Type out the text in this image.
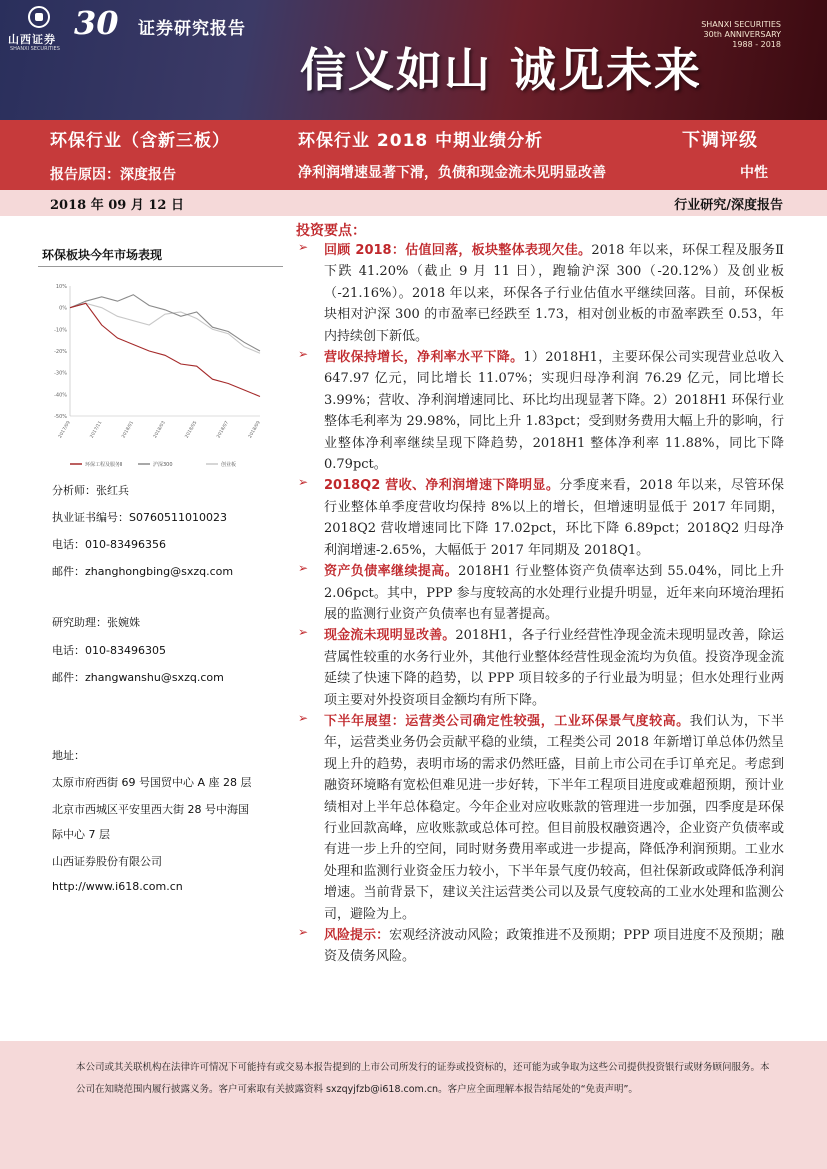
山西证券
SHANXI SECURITIES
30 证券研究报告	SHANXI SECURITIES
30th ANNIVERSARY
1988 - 2018
信义如山 诚见未来
环保行业（含新三板）	环保行业 2018 中期业绩分析	下调评级
报告原因：深度报告	净利润增速显著下滑，负债和现金流未见明显改善	中性
2018 年 09 月 12 日	行业研究/深度报告
环保板块今年市场表现
10%
0%
-10%
-20%
-30%
-40%
-50%
2017/09	2017/11	2018/01	2018/03	2018/05	2018/07	2018/09
环保工程及服务Ⅱ	沪深300	创业板
分析师：张红兵
执业证书编号：S0760511010023
电话：010-83496356
邮件：zhanghongbing@sxzq.com
研究助理：张婉姝
电话：010-83496305
邮件：zhangwanshu@sxzq.com
地址：
太原市府西街 69 号国贸中心 A 座 28 层
北京市西城区平安里西大街 28 号中海国
际中心 7 层
山西证券股份有限公司
http://www.i618.com.cn
投资要点：
➢ 回顾 2018：估值回落，板块整体表现欠佳。2018 年以来，环保工程及服务Ⅱ下跌 41.20%（截止 9 月 11 日），跑输沪深 300（-20.12%）及创业板（-21.16%）。2018 年以来，环保各子行业估值水平继续回落。目前，环保板块相对沪深 300 的市盈率已经跌至 1.73，相对创业板的市盈率跌至 0.53，年内持续创下新低。
➢ 营收保持增长，净利率水平下降。1）2018H1，主要环保公司实现营业总收入 647.97 亿元，同比增长 11.07%；实现归母净利润 76.29 亿元，同比增长 3.99%；营收、净利润增速同比、环比均出现显著下降。2）2018H1 环保行业整体毛利率为 29.98%，同比上升 1.83pct；受到财务费用大幅上升的影响，行业整体净利率继续呈现下降趋势，2018H1 整体净利率 11.88%，同比下降 0.79pct。
➢ 2018Q2 营收、净利润增速下降明显。分季度来看，2018 年以来，尽管环保行业整体单季度营收均保持 8%以上的增长，但增速明显低于 2017 年同期，2018Q2 营收增速同比下降 17.02pct，环比下降 6.89pct；2018Q2 归母净利润增速-2.65%，大幅低于 2017 年同期及 2018Q1。
➢ 资产负债率继续提高。2018H1 行业整体资产负债率达到 55.04%，同比上升 2.06pct。其中，PPP 参与度较高的水处理行业提升明显，近年来向环境治理拓展的监测行业资产负债率也有显著提高。
➢ 现金流未现明显改善。2018H1，各子行业经营性净现金流未现明显改善，除运营属性较重的水务行业外，其他行业整体经营性现金流均为负值。投资净现金流延续了快速下降的趋势，以 PPP 项目较多的子行业最为明显；但水处理行业两项主要对外投资项目金额均有所下降。
➢ 下半年展望：运营类公司确定性较强，工业环保景气度较高。我们认为，下半年，运营类业务仍会贡献平稳的业绩，工程类公司 2018 年新增订单总体仍然呈现上升的趋势，表明市场的需求仍然旺盛，目前上市公司在手订单充足。考虑到融资环境略有宽松但难见进一步好转，下半年工程项目进度或难超预期，预计业绩相对上半年总体稳定。今年企业对应收账款的管理进一步加强，四季度是环保行业回款高峰，应收账款或总体可控。但目前股权融资遇冷，企业资产负债率或有进一步上升的空间，同时财务费用率或进一步提高，降低净利润预期。工业水处理和监测行业资金压力较小，下半年景气度仍较高，但社保新政或降低净利润增速。当前背景下，建议关注运营类公司以及景气度较高的工业水处理和监测公司，避险为上。
➢ 风险提示：宏观经济波动风险；政策推进不及预期；PPP 项目进度不及预期；融资及债务风险。
本公司或其关联机构在法律许可情况下可能持有或交易本报告提到的上市公司所发行的证券或投资标的，还可能为或争取为这些公司提供投资银行或财务顾问服务。本公司在知晓范围内履行披露义务。客户可索取有关披露资料 sxzqyjfzb@i618.com.cn。客户应全面理解本报告结尾处的“免责声明”。
